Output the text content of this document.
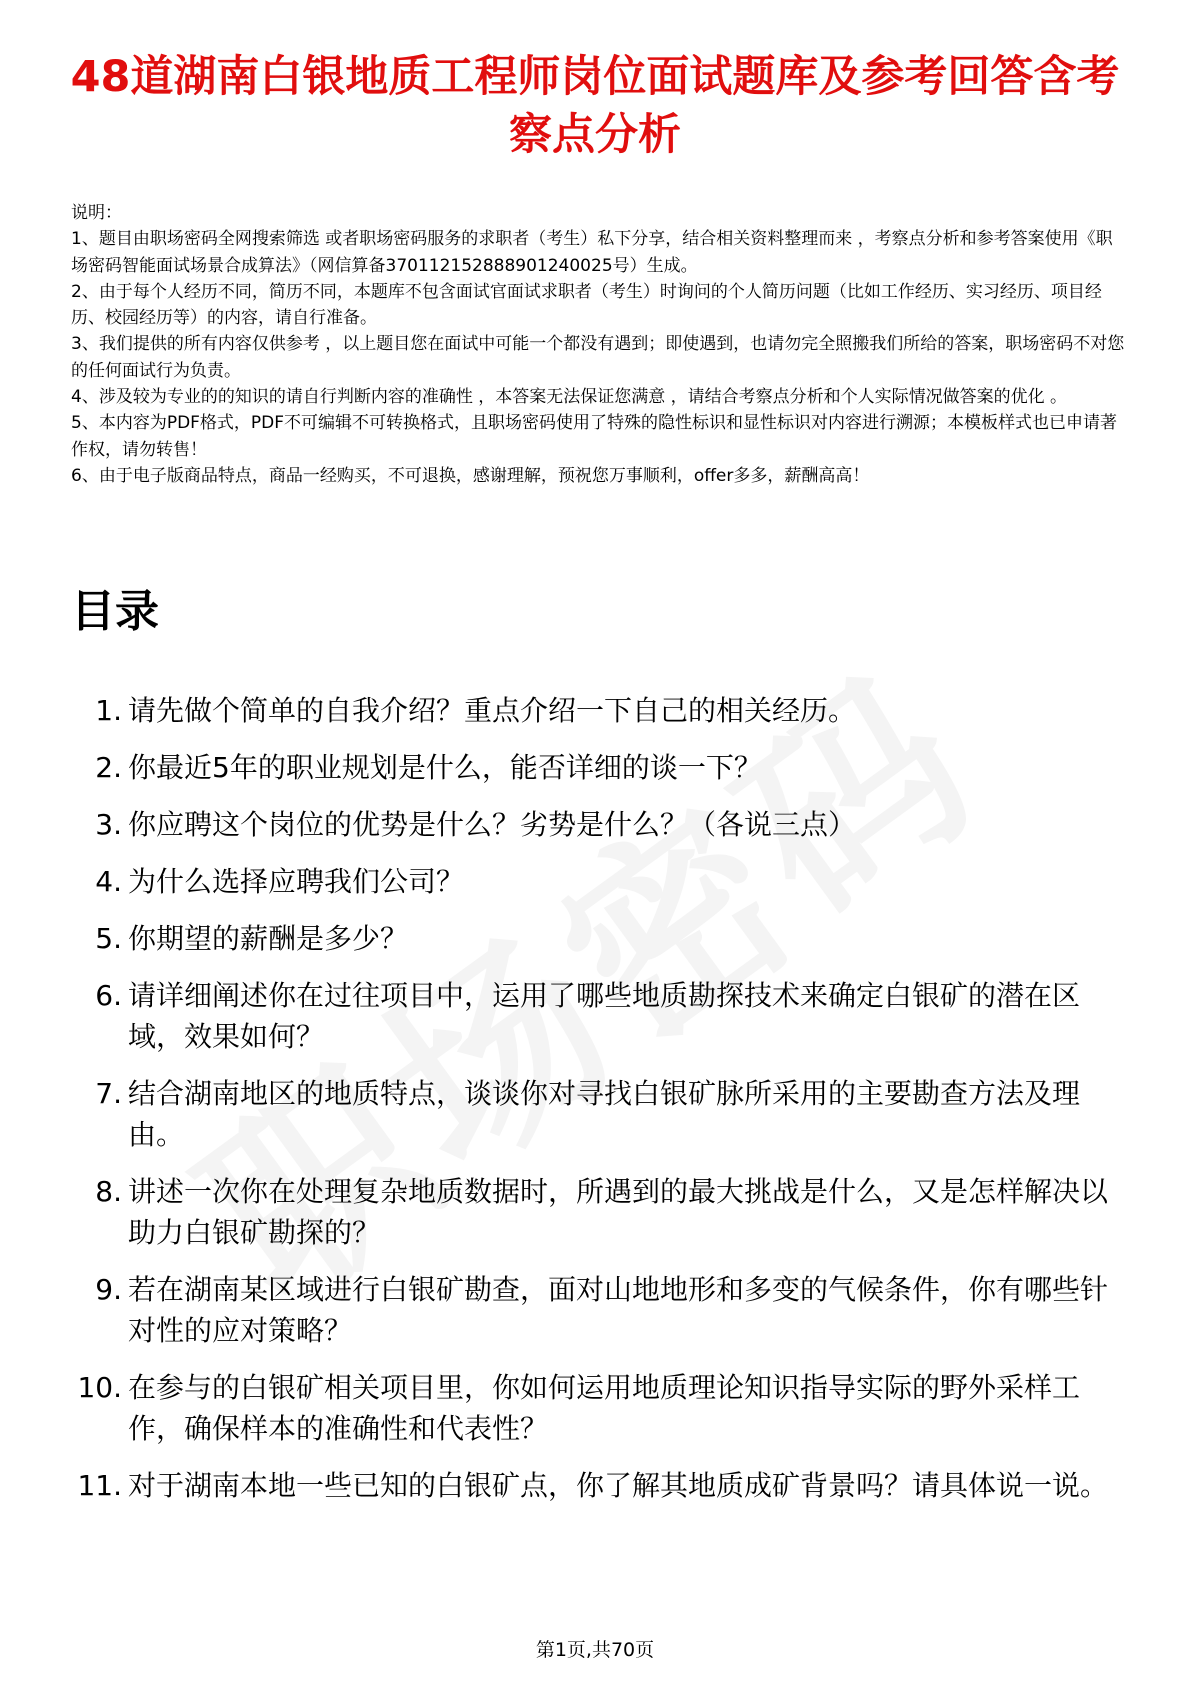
48道湖南白银地质工程师岗位面试题库及参考回答含考察点分析
说明：
1、题目由职场密码全网搜索筛选 或者职场密码服务的求职者（考生）私下分享，结合相关资料整理而来 ，考察点分析和参考答案使用《职场密码智能面试场景合成算法》（网信算备370112152888901240025号）生成。
2、由于每个人经历不同，简历不同，本题库不包含面试官面试求职者（考生）时询问的个人简历问题（比如工作经历、实习经历、项目经历、校园经历等）的内容，请自行准备。
3、我们提供的所有内容仅供参考 ，以上题目您在面试中可能一个都没有遇到；即使遇到，也请勿完全照搬我们所给的答案，职场密码不对您的任何面试行为负责。
4、涉及较为专业的的知识的请自行判断内容的准确性 ，本答案无法保证您满意 ，请结合考察点分析和个人实际情况做答案的优化 。
5、本内容为PDF格式，PDF不可编辑不可转换格式，且职场密码使用了特殊的隐性标识和显性标识对内容进行溯源；本模板样式也已申请著作权，请勿转售！
6、由于电子版商品特点，商品一经购买，不可退换，感谢理解，预祝您万事顺利，offer多多，薪酬高高！
目录
1. 请先做个简单的自我介绍？重点介绍一下自己的相关经历。
2. 你最近5年的职业规划是什么，能否详细的谈一下？
3. 你应聘这个岗位的优势是什么？劣势是什么？（各说三点）
4. 为什么选择应聘我们公司？
5. 你期望的薪酬是多少？
6. 请详细阐述你在过往项目中，运用了哪些地质勘探技术来确定白银矿的潜在区域，效果如何？
7. 结合湖南地区的地质特点，谈谈你对寻找白银矿脉所采用的主要勘查方法及理由。
8. 讲述一次你在处理复杂地质数据时，所遇到的最大挑战是什么，又是怎样解决以助力白银矿勘探的？
9. 若在湖南某区域进行白银矿勘查，面对山地地形和多变的气候条件，你有哪些针对性的应对策略？
10. 在参与的白银矿相关项目里，你如何运用地质理论知识指导实际的野外采样工作，确保样本的准确性和代表性？
11. 对于湖南本地一些已知的白银矿点，你了解其地质成矿背景吗？请具体说一说。
第1页,共70页
